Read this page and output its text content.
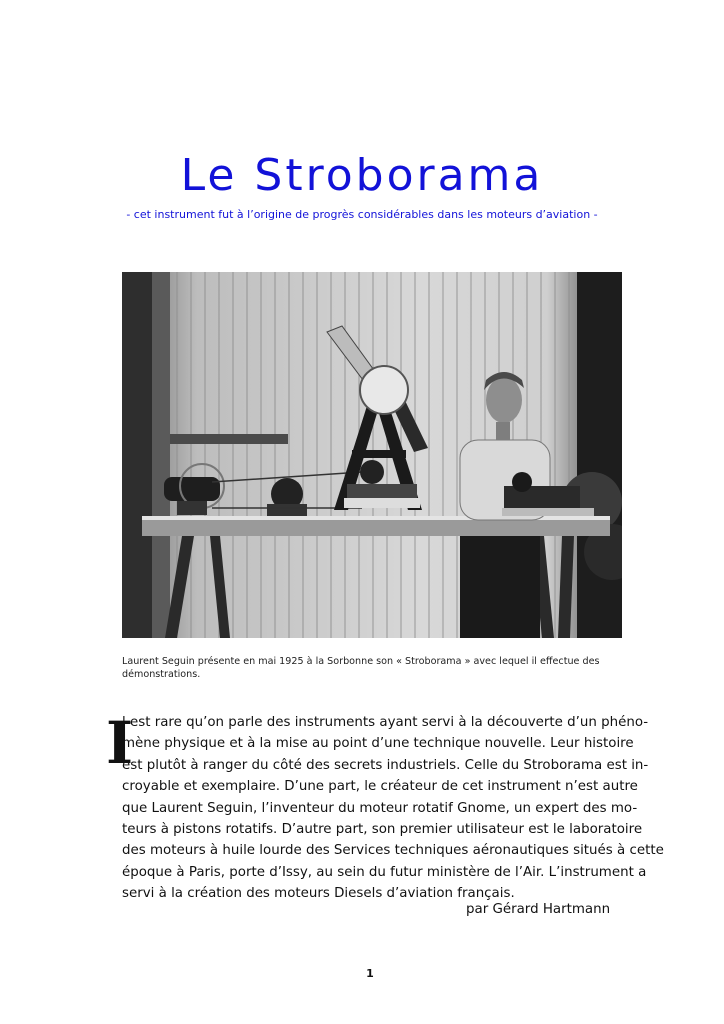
Le Stroborama
- cet instrument fut à l’origine de progrès considérables dans les moteurs d’aviation -
Laurent Seguin présente en mai 1925 à la Sorbonne son « Stroborama » avec lequel il effectue des démonstrations.
I

l est rare qu’on parle des instruments ayant servi à la découverte d’un phéno-
mène physique et à la mise au point d’une technique nouvelle. Leur histoire
est plutôt à ranger du côté des secrets industriels. Celle du Stroborama est in-
croyable et exemplaire. D’une part, le créateur de cet instrument n’est autre
que Laurent Seguin, l’inventeur du moteur rotatif Gnome, un expert des mo-
teurs à pistons rotatifs. D’autre part, son premier utilisateur est le laboratoire
des moteurs à huile lourde des Services techniques aéronautiques situés à cette
époque à Paris, porte d’Issy, au sein du futur ministère de l’Air. L’instrument a
servi à la création des moteurs Diesels d’aviation français.

par Gérard Hartmann
1
